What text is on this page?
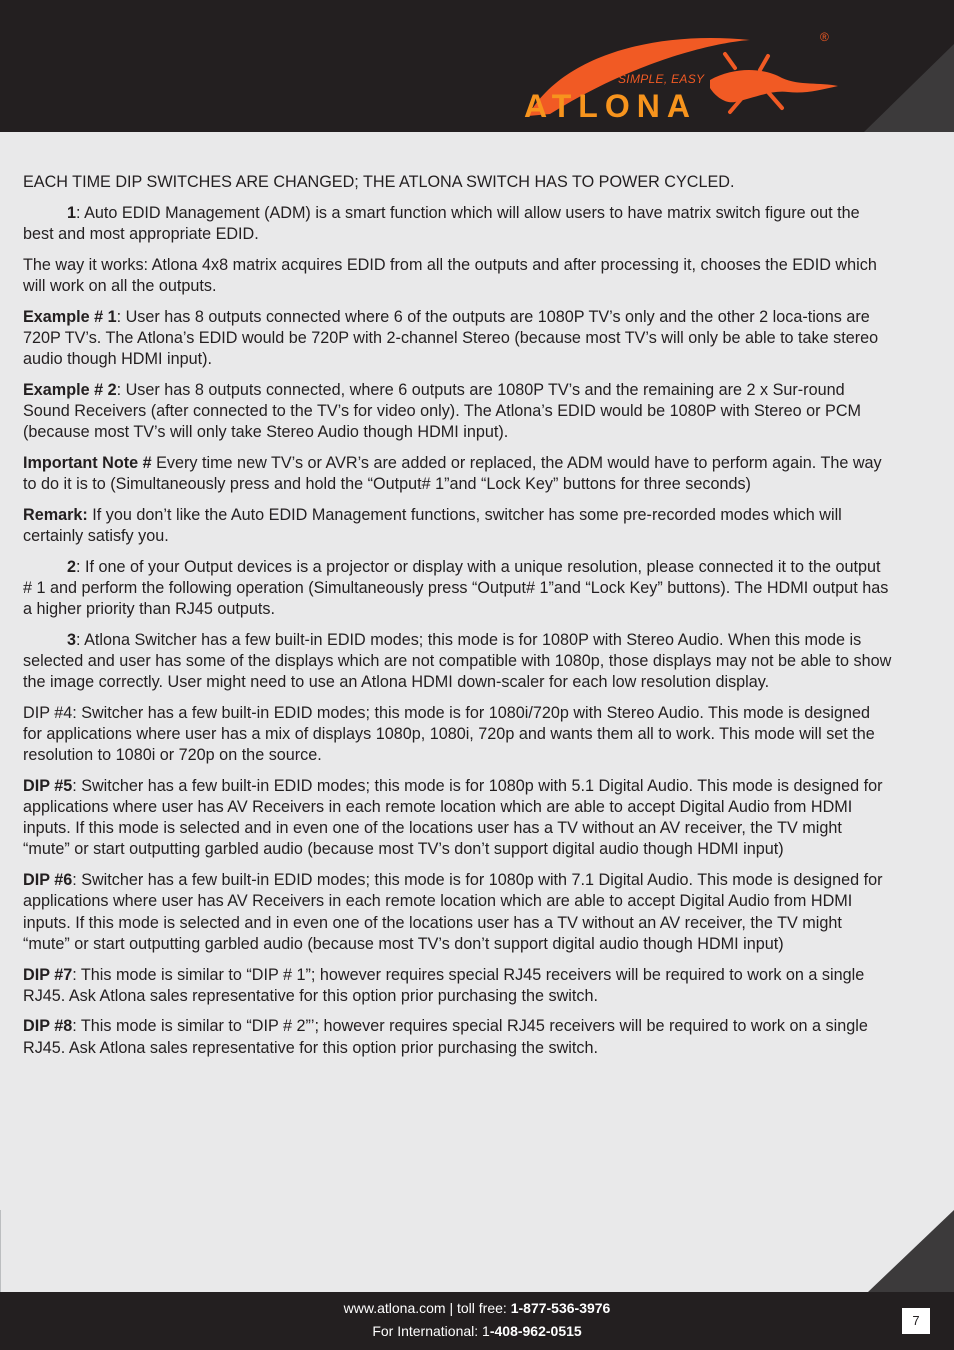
®
SIMPLE, EASY
ATLONA

EACH TIME DIP SWITCHES ARE CHANGED; THE ATLONA SWITCH HAS TO POWER CYCLED.

1: Auto EDID Management (ADM) is a smart function which will allow users to have matrix switch figure out the best and most appropriate EDID.

The way it works: Atlona 4x8 matrix acquires EDID from all the outputs and after processing it, chooses the EDID which will work on all the outputs.

Example # 1: User has 8 outputs connected where 6 of the outputs are 1080P TV’s only and the other 2 loca-tions are 720P TV’s. The Atlona’s EDID would be 720P with 2-channel Stereo (because most TV’s will only be able to take stereo audio though HDMI input).

Example # 2: User has 8 outputs connected, where 6 outputs are 1080P TV’s and the remaining are 2 x Sur-round Sound Receivers (after connected to the TV’s for video only). The Atlona’s EDID would be 1080P with Stereo or PCM (because most TV’s will only take Stereo Audio though HDMI input).

Important Note # Every time new TV’s or AVR’s are added or replaced, the ADM would have to perform again. The way to do it is to (Simultaneously press and hold the “Output# 1”and “Lock Key” buttons for three seconds)

Remark: If you don’t like the Auto EDID Management functions, switcher has some pre-recorded modes which will certainly satisfy you.

2: If one of your Output devices is a projector or display with a unique resolution, please connected it to the output # 1 and perform the following operation (Simultaneously press “Output# 1”and “Lock Key” buttons). The HDMI output has a higher priority than RJ45 outputs.

3: Atlona Switcher has a few built-in EDID modes; this mode is for 1080P with Stereo Audio. When this mode is selected and user has some of the displays which are not compatible with 1080p, those displays may not be able to show the image correctly. User might need to use an Atlona HDMI down-scaler for each low resolution display.

DIP #4: Switcher has a few built-in EDID modes; this mode is for 1080i/720p with Stereo Audio. This mode is designed for applications where user has a mix of displays 1080p, 1080i, 720p and wants them all to work. This mode will set the resolution to 1080i or 720p on the source.

DIP #5: Switcher has a few built-in EDID modes; this mode is for 1080p with 5.1 Digital Audio. This mode is designed for applications where user has AV Receivers in each remote location which are able to accept Digital Audio from HDMI inputs. If this mode is selected and in even one of the locations user has a TV without an AV receiver, the TV might “mute” or start outputting garbled audio (because most TV’s don’t support digital audio though HDMI input)

DIP #6: Switcher has a few built-in EDID modes; this mode is for 1080p with 7.1 Digital Audio. This mode is designed for applications where user has AV Receivers in each remote location which are able to accept Digital Audio from HDMI inputs. If this mode is selected and in even one of the locations user has a TV without an AV receiver, the TV might “mute” or start outputting garbled audio (because most TV’s don’t support digital audio though HDMI input)

DIP #7: This mode is similar to “DIP # 1”; however requires special RJ45 receivers will be required to work on a single RJ45. Ask Atlona sales representative for this option prior purchasing the switch.

DIP #8: This mode is similar to “DIP # 2”’; however requires special RJ45 receivers will be required to work on a single RJ45. Ask Atlona sales representative for this option prior purchasing the switch.

www.atlona.com | toll free: 1-877-536-3976
For International: 1-408-962-0515
7
